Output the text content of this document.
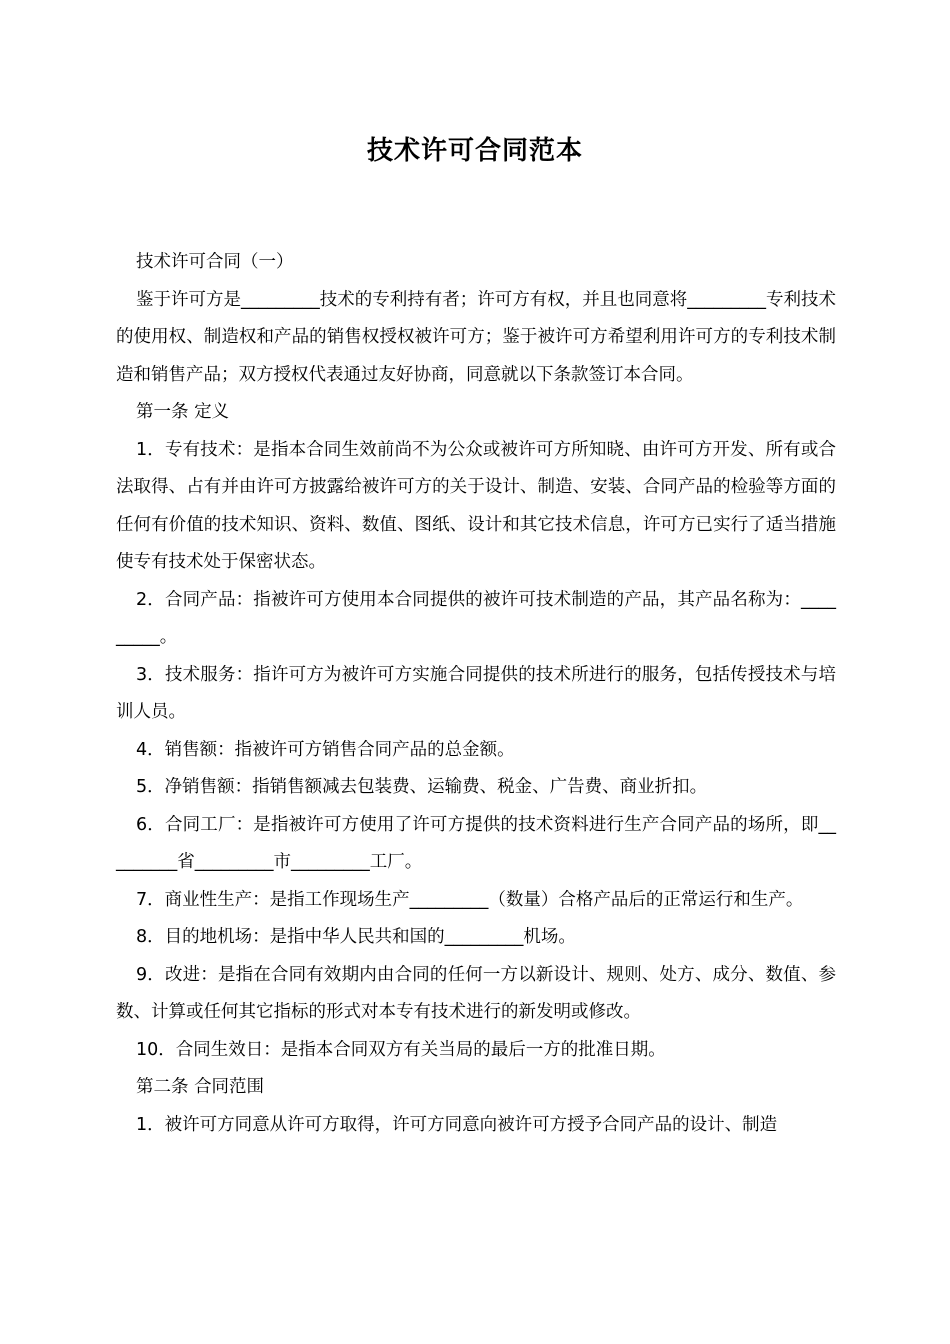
技术许可合同范本

技术许可合同（一）

鉴于许可方是_________技术的专利持有者；许可方有权，并且也同意将_________专利技术的使用权、制造权和产品的销售权授权被许可方；鉴于被许可方希望利用许可方的专利技术制造和销售产品；双方授权代表通过友好协商，同意就以下条款签订本合同。

第一条 定义

1．专有技术：是指本合同生效前尚不为公众或被许可方所知晓、由许可方开发、所有或合法取得、占有并由许可方披露给被许可方的关于设计、制造、安装、合同产品的检验等方面的任何有价值的技术知识、资料、数值、图纸、设计和其它技术信息，许可方已实行了适当措施使专有技术处于保密状态。

2．合同产品：指被许可方使用本合同提供的被许可技术制造的产品，其产品名称为：_________。

3．技术服务：指许可方为被许可方实施合同提供的技术所进行的服务，包括传授技术与培训人员。

4．销售额：指被许可方销售合同产品的总金额。

5．净销售额：指销售额减去包装费、运输费、税金、广告费、商业折扣。

6．合同工厂：是指被许可方使用了许可方提供的技术资料进行生产合同产品的场所，即_________省_________市_________工厂。

7．商业性生产：是指工作现场生产_________（数量）合格产品后的正常运行和生产。

8．目的地机场：是指中华人民共和国的_________机场。

9．改进：是指在合同有效期内由合同的任何一方以新设计、规则、处方、成分、数值、参数、计算或任何其它指标的形式对本专有技术进行的新发明或修改。

10．合同生效日：是指本合同双方有关当局的最后一方的批准日期。

第二条 合同范围

1．被许可方同意从许可方取得，许可方同意向被许可方授予合同产品的设计、制造
